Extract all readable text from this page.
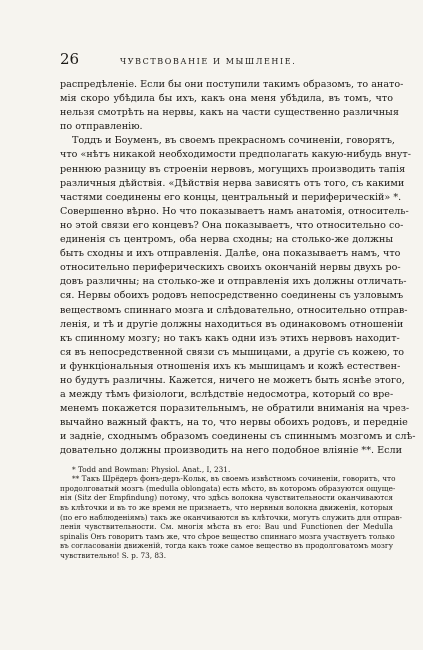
26	ЧУВСТВОВАНІЕ И МЫШЛЕНІЕ.
распредѣленіе. Если бы они поступили такимъ образомъ, то анато-
мія скоро убѣдила бы ихъ, какъ она меня убѣдила, въ томъ, что
нельзя смотрѣть на нервы, какъ на части существенно различныя
по отправленію.
Тоддъ и Боуменъ, въ своемъ прекрасномъ сочиненіи, говорятъ,
что «нѣтъ никакой необходимости предполагать какую-нибудь внут-
реннюю разницу въ строеніи нервовъ, могущихъ производить тапія
различныя дѣйствія. «Дѣйствія нерва зависятъ отъ того, съ какими
частями соединены его концы, центральный и периферическій» *.
Совершенно вѣрно. Но что показываетъ намъ анатомія, относитель-
но этой связи его концевъ? Она показываетъ, что относительно со-
единенія съ центромъ, оба нерва сходны; на столько-же должны
быть сходны и ихъ отправленія. Далѣе, она показываетъ намъ, что
относительно периферическихъ своихъ окончаній нервы двухъ ро-
довъ различны; на столько-же и отправленія ихъ должны отличать-
ся. Нервы обоихъ родовъ непосредственно соединены съ узловымъ
веществомъ спиннаго мозга и слѣдовательно, относительно отправ-
ленія, и тѣ и другіе должны находиться въ одинаковомъ отношеніи
къ спинному мозгу; но такъ какъ одни изъ этихъ нервовъ находит-
ся въ непосредственной связи съ мышицами, а другіе съ кожею, то
и функціональныя отношенія ихъ къ мышицамъ и кожѣ естествен-
но будутъ различны. Кажется, ничего не можетъ быть яснѣе этого,
а между тѣмъ физіологи, вслѣдствіе недосмотра, который со вре-
менемъ покажется поразительнымъ, не обратили вниманія на чрез-
вычайно важный фактъ, на то, что нервы обоихъ родовъ, и передніе
и задніе, сходнымъ образомъ соединены съ спиннымъ мозгомъ и слѣ-
довательно должны производить на него подобное вліяніе **. Если
* Todd and Bowman: Physiol. Anat., I, 231.
** Такъ Шрёдеръ фонъ-деръ-Кольк, въ своемъ извѣстномъ сочиненіи, говоритъ, что
продолговатый мозгъ (medulla oblongata) есть мѣсто, въ которомъ образуются ощуще-
нія (Sitz der Empfindung) потому, что здѣсь волокна чувствительности оканчиваются
въ клѣточки и въ то же время не признаетъ, что нервныя волокна движенія, которыя
(по его наблюденіямъ) такъ же оканчиваются въ клѣточки, могутъ служить для отправ-
ленія чувствительности. См. многія мѣста въ его: Bau und Functionen der Medulla
spinalis Онъ говоритъ тамъ же, что сѣрое вещество спиннаго мозга участвуетъ только
въ согласованіи движеній, тогда какъ тоже самое вещество въ продолговатомъ мозгу
чувствительно! S. p. 73, 83.
